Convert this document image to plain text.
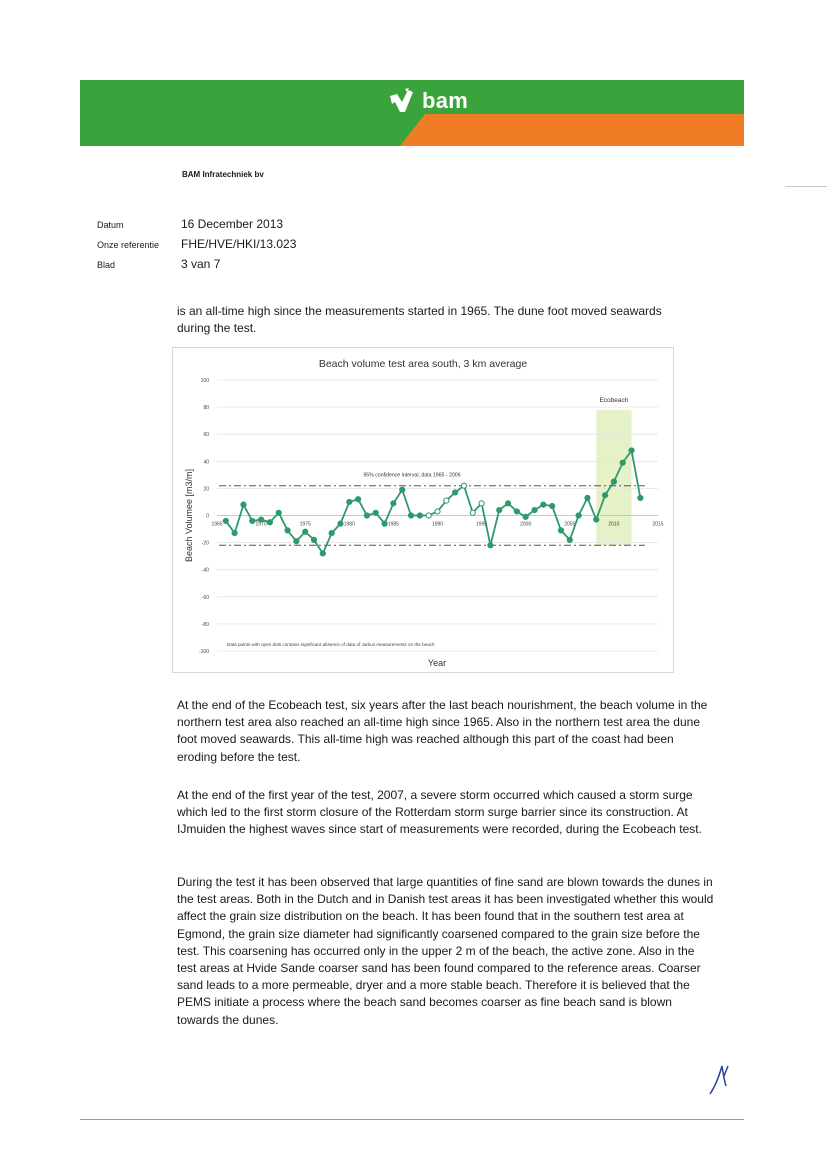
bam
BAM Infratechniek bv
Datum	16 December 2013
Onze referentie	FHE/HVE/HKI/13.023
Blad	3 van 7

is an all-time high since the measurements started in 1965. The dune foot moved seawards during the test.

100
80
60
40
20
0
-20
-40
-60
-80
-100
1965	1970	1975	1980	1985	1990	1995	2000	2005	2010	2015
95% confidence interval, data 1965 - 2006
Ecobeach
Beach volume test area south, 3 km average
Year
Beach Volumee [m3/m]
Data points with open dots contains significant absence of data of Jarkus measurements on the beach

At the end of the Ecobeach test, six years after the last beach nourishment, the beach volume in the northern test area also reached an all-time high since 1965. Also in the northern test area the dune foot moved seawards. This all-time high was reached although this part of the coast had been eroding before the test.

At the end of the first year of the test, 2007, a severe storm occurred which caused a storm surge which led to the first storm closure of the Rotterdam storm surge barrier since its construction. At IJmuiden the highest waves since start of measurements were recorded, during the Ecobeach test.

During the test it has been observed that large quantities of fine sand are blown towards the dunes in the test areas. Both in the Dutch and in Danish test areas it has been investigated whether this would affect the grain size distribution on the beach. It has been found that in the southern test area at Egmond, the grain size diameter had significantly coarsened compared to the grain size before the test. This coarsening has occurred only in the upper 2 m of the beach, the active zone. Also in the test areas at Hvide Sande coarser sand has been found compared to the reference areas. Coarser sand leads to a more permeable, dryer and a more stable beach. Therefore it is believed that the PEMS initiate a process where the beach sand becomes coarser as fine beach sand is blown towards the dunes.
